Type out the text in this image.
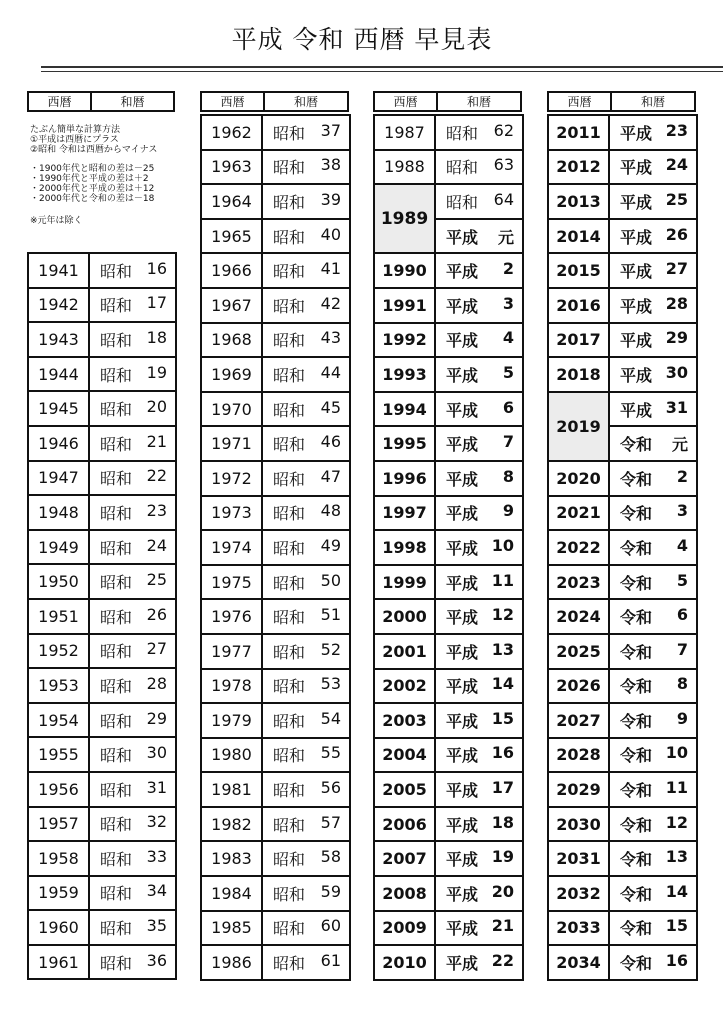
平成 令和 西暦 早見表
西暦	和暦	西暦	和暦	西暦	和暦	西暦	和暦
たぶん簡単な計算方法
①平成は西暦にプラス
②昭和 令和は西暦からマイナス
・1900年代と昭和の差は－25
・1990年代と平成の差は＋2
・2000年代と平成の差は＋12
・2000年代と令和の差は－18
※元年は除く
1941	昭和 16

1942	昭和 17

1943	昭和 18

1944	昭和 19

1945	昭和 20

1946	昭和 21

1947	昭和 22

1948	昭和 23

1949	昭和 24

1950	昭和 25

1951	昭和 26

1952	昭和 27

1953	昭和 28

1954	昭和 29

1955	昭和 30

1956	昭和 31

1957	昭和 32

1958	昭和 33

1959	昭和 34

1960	昭和 35

1961	昭和 36
1962	昭和 37

1963	昭和 38

1964	昭和 39

1965	昭和 40

1966	昭和 41

1967	昭和 42

1968	昭和 43

1969	昭和 44

1970	昭和 45

1971	昭和 46

1972	昭和 47

1973	昭和 48

1974	昭和 49

1975	昭和 50

1976	昭和 51

1977	昭和 52

1978	昭和 53

1979	昭和 54

1980	昭和 55

1981	昭和 56

1982	昭和 57

1983	昭和 58

1984	昭和 59

1985	昭和 60

1986	昭和 61
1987	昭和 62

1988	昭和 63

1989	昭和 64

	平成 元

1990	平成 2

1991	平成 3

1992	平成 4

1993	平成 5

1994	平成 6

1995	平成 7

1996	平成 8

1997	平成 9

1998	平成 10

1999	平成 11

2000	平成 12

2001	平成 13

2002	平成 14

2003	平成 15

2004	平成 16

2005	平成 17

2006	平成 18

2007	平成 19

2008	平成 20

2009	平成 21

2010	平成 22
2011	平成 23

2012	平成 24

2013	平成 25

2014	平成 26

2015	平成 27

2016	平成 28

2017	平成 29

2018	平成 30

2019	平成 31

	令和 元

2020	令和 2

2021	令和 3

2022	令和 4

2023	令和 5

2024	令和 6

2025	令和 7

2026	令和 8

2027	令和 9

2028	令和 10

2029	令和 11

2030	令和 12

2031	令和 13

2032	令和 14

2033	令和 15

2034	令和 16
